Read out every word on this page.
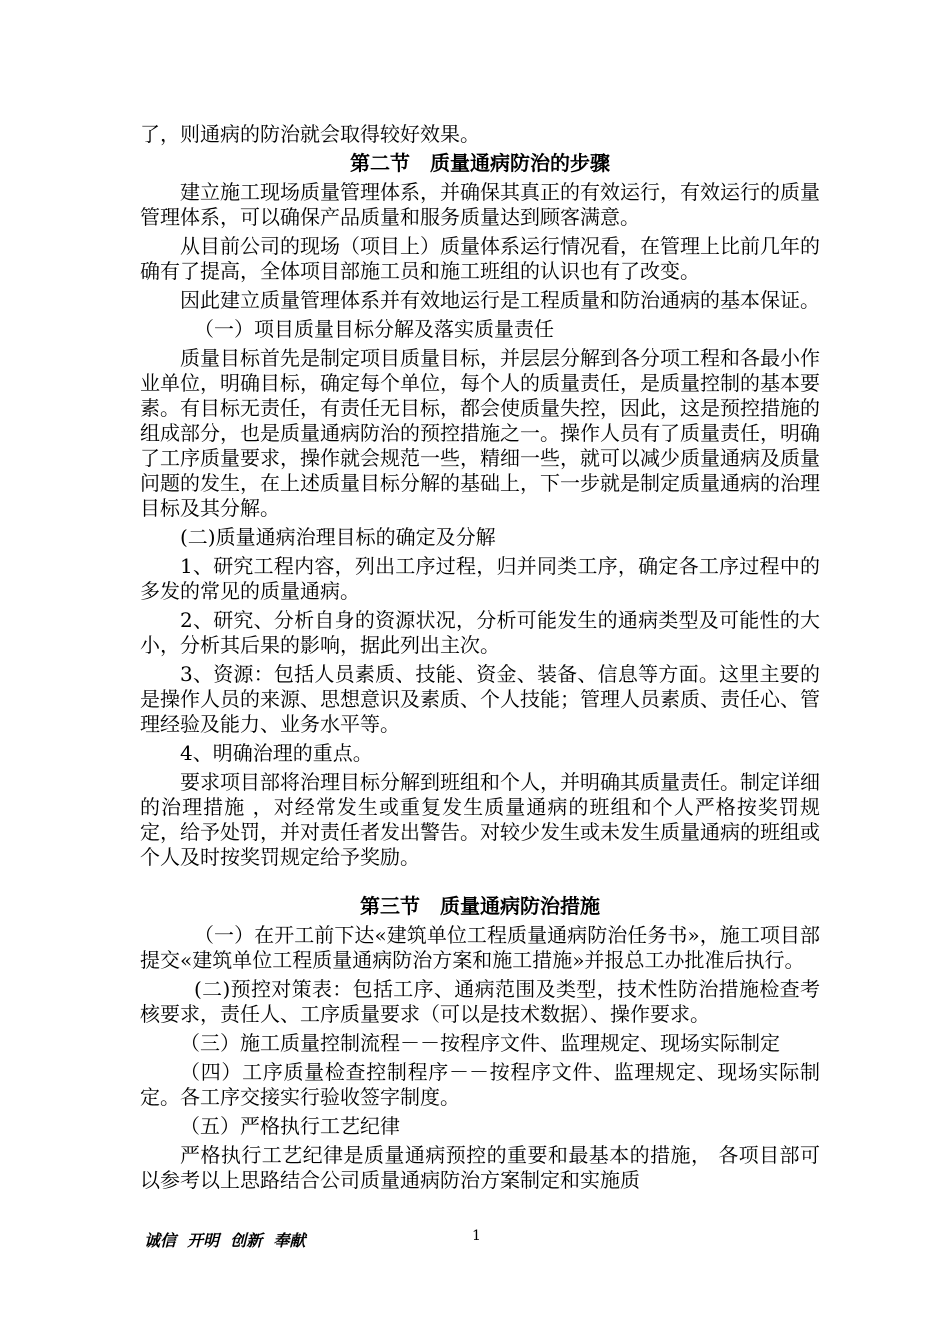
了，则通病的防治就会取得较好效果。

第二节　质量通病防治的步骤

建立施工现场质量管理体系，并确保其真正的有效运行，有效运行的质量管理体系，可以确保产品质量和服务质量达到顾客满意。

从目前公司的现场（项目上）质量体系运行情况看，在管理上比前几年的确有了提高，全体项目部施工员和施工班组的认识也有了改变。

因此建立质量管理体系并有效地运行是工程质量和防治通病的基本保证。

（一）项目质量目标分解及落实质量责任

质量目标首先是制定项目质量目标，并层层分解到各分项工程和各最小作业单位，明确目标，确定每个单位，每个人的质量责任，是质量控制的基本要素。有目标无责任，有责任无目标，都会使质量失控，因此，这是预控措施的组成部分，也是质量通病防治的预控措施之一。操作人员有了质量责任，明确了工序质量要求，操作就会规范一些，精细一些，就可以减少质量通病及质量问题的发生，在上述质量目标分解的基础上，下一步就是制定质量通病的治理目标及其分解。

(二)质量通病治理目标的确定及分解

1、研究工程内容，列出工序过程，归并同类工序，确定各工序过程中的多发的常见的质量通病。

2、研究、分析自身的资源状况，分析可能发生的通病类型及可能性的大小，分析其后果的影响，据此列出主次。

3、资源：包括人员素质、技能、资金、装备、信息等方面。这里主要的是操作人员的来源、思想意识及素质、个人技能；管理人员素质、责任心、管理经验及能力、业务水平等。

4、明确治理的重点。

要求项目部将治理目标分解到班组和个人，并明确其质量责任。制定详细的治理措施 ，对经常发生或重复发生质量通病的班组和个人严格按奖罚规定，给予处罚，并对责任者发出警告。对较少发生或未发生质量通病的班组或个人及时按奖罚规定给予奖励。

第三节　质量通病防治措施

（一）在开工前下达«建筑单位工程质量通病防治任务书»，施工项目部提交«建筑单位工程质量通病防治方案和施工措施»并报总工办批准后执行。

(二)预控对策表：包括工序、通病范围及类型，技术性防治措施检查考核要求，责任人、工序质量要求（可以是技术数据）、操作要求。

（三）施工质量控制流程－－按程序文件、监理规定、现场实际制定

（四）工序质量检查控制程序－－按程序文件、监理规定、现场实际制定。各工序交接实行验收签字制度。

（五）严格执行工艺纪律

严格执行工艺纪律是质量通病预控的重要和最基本的措施， 各项目部可以参考以上思路结合公司质量通病防治方案制定和实施质

诚信  开明  创新  奉献	1
